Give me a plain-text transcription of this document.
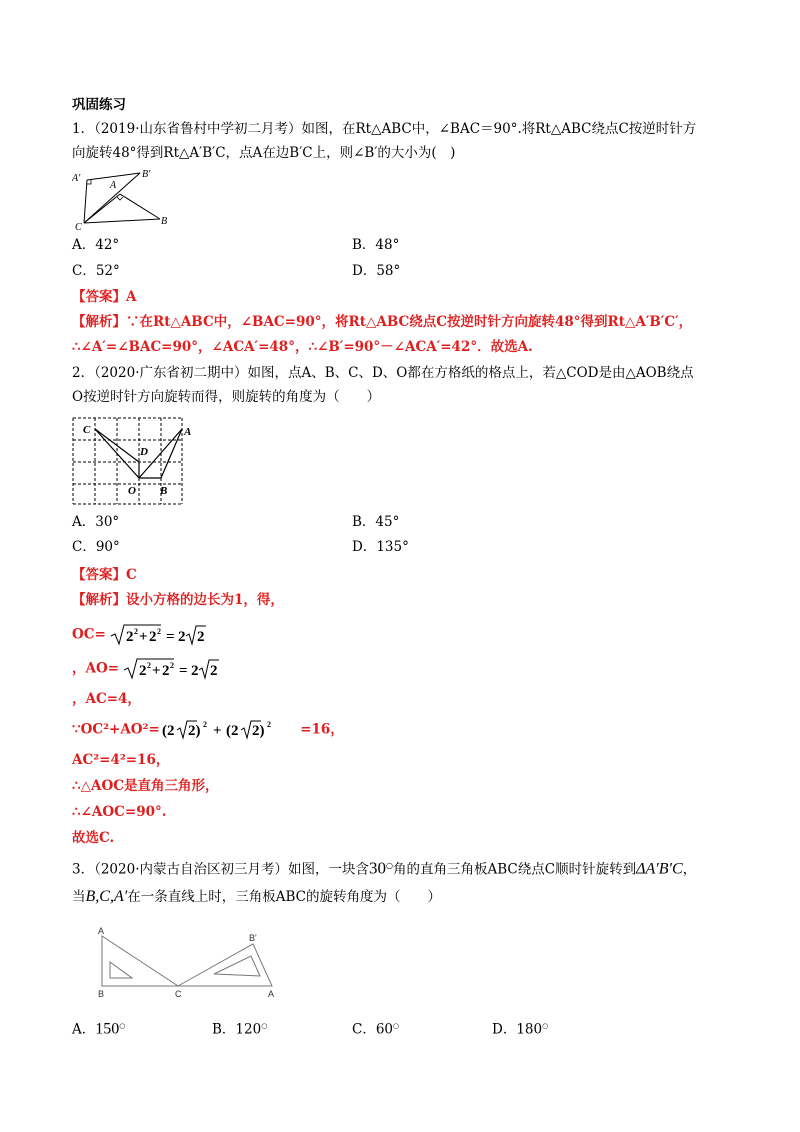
巩固练习
1．（2019·山东省鲁村中学初二月考）如图，在Rt△ABC中，∠BAC＝90°.将Rt△ABC绕点C按逆时针方
向旋转48°得到Rt△A′B′C，点A在边B′C上，则∠B′的大小为(　)
A′
A
B′
C
B
A．42°	B．48°
C．52°	D．58°
【答案】A
【解析】∵在Rt△ABC中，∠BAC=90°，将Rt△ABC绕点C按逆时针方向旋转48°得到Rt△A′B′C′，
∴∠A′=∠BAC=90°，∠ACA′=48°，∴∠B′=90°－∠ACA′=42°．故选A.
2．（2020·广东省初二期中）如图，点A、B、C、D、O都在方格纸的格点上，若△COD是由△AOB绕点
O按逆时针方向旋转而得，则旋转的角度为（　　）
C	A
D
O B
A．30°	B．45°
C．90°	D．135°
【答案】C
【解析】设小方格的边长为1，得，
OC= 2 2 + 2 2 = 2 2
，AO= 2 2 + 2 2 = 2 2
，AC=4，
∵OC²+AO²= (2 2) 2 + (2 2) 2 =16，
AC²=4²=16，
∴△AOC是直角三角形，
∴∠AOC=90°.
故选C.
3．（2020·内蒙古自治区初三月考）如图，一块含30○角的直角三角板ABC绕点C顺时针旋转到ΔA′B′C，
当B,C,A′在一条直线上时，三角板ABC的旋转角度为（　　）
A
B'
B	C	A
A．150○	B．120○	C．60○	D．180○
